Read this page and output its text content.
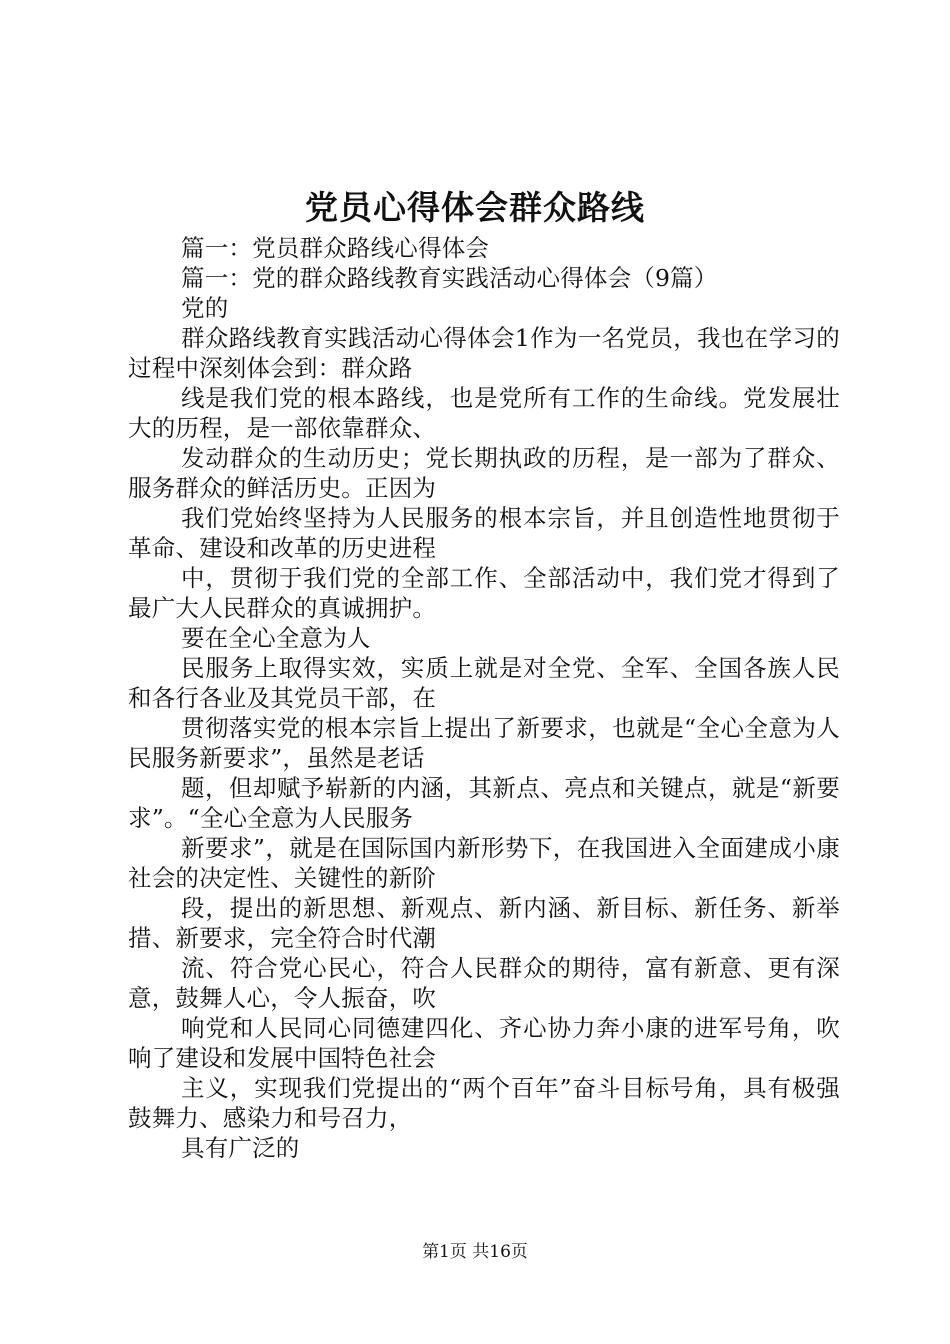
党员心得体会群众路线

篇一：党员群众路线心得体会

篇一：党的群众路线教育实践活动心得体会（9篇）

党的

群众路线教育实践活动心得体会1作为一名党员，我也在学习的过程中深刻体会到：群众路

线是我们党的根本路线，也是党所有工作的生命线。党发展壮大的历程，是一部依靠群众、

发动群众的生动历史；党长期执政的历程，是一部为了群众、服务群众的鲜活历史。正因为

我们党始终坚持为人民服务的根本宗旨，并且创造性地贯彻于革命、建设和改革的历史进程

中，贯彻于我们党的全部工作、全部活动中，我们党才得到了最广大人民群众的真诚拥护。

要在全心全意为人

民服务上取得实效，实质上就是对全党、全军、全国各族人民和各行各业及其党员干部，在

贯彻落实党的根本宗旨上提出了新要求，也就是“全心全意为人民服务新要求”，虽然是老话

题，但却赋予崭新的内涵，其新点、亮点和关键点，就是“新要求”。“全心全意为人民服务

新要求”，就是在国际国内新形势下，在我国进入全面建成小康社会的决定性、关键性的新阶

段，提出的新思想、新观点、新内涵、新目标、新任务、新举措、新要求，完全符合时代潮

流、符合党心民心，符合人民群众的期待，富有新意、更有深意，鼓舞人心，令人振奋，吹

响党和人民同心同德建四化、齐心协力奔小康的进军号角，吹响了建设和发展中国特色社会

主义，实现我们党提出的“两个百年”奋斗目标号角，具有极强鼓舞力、感染力和号召力，

具有广泛的

第1页 共16页
